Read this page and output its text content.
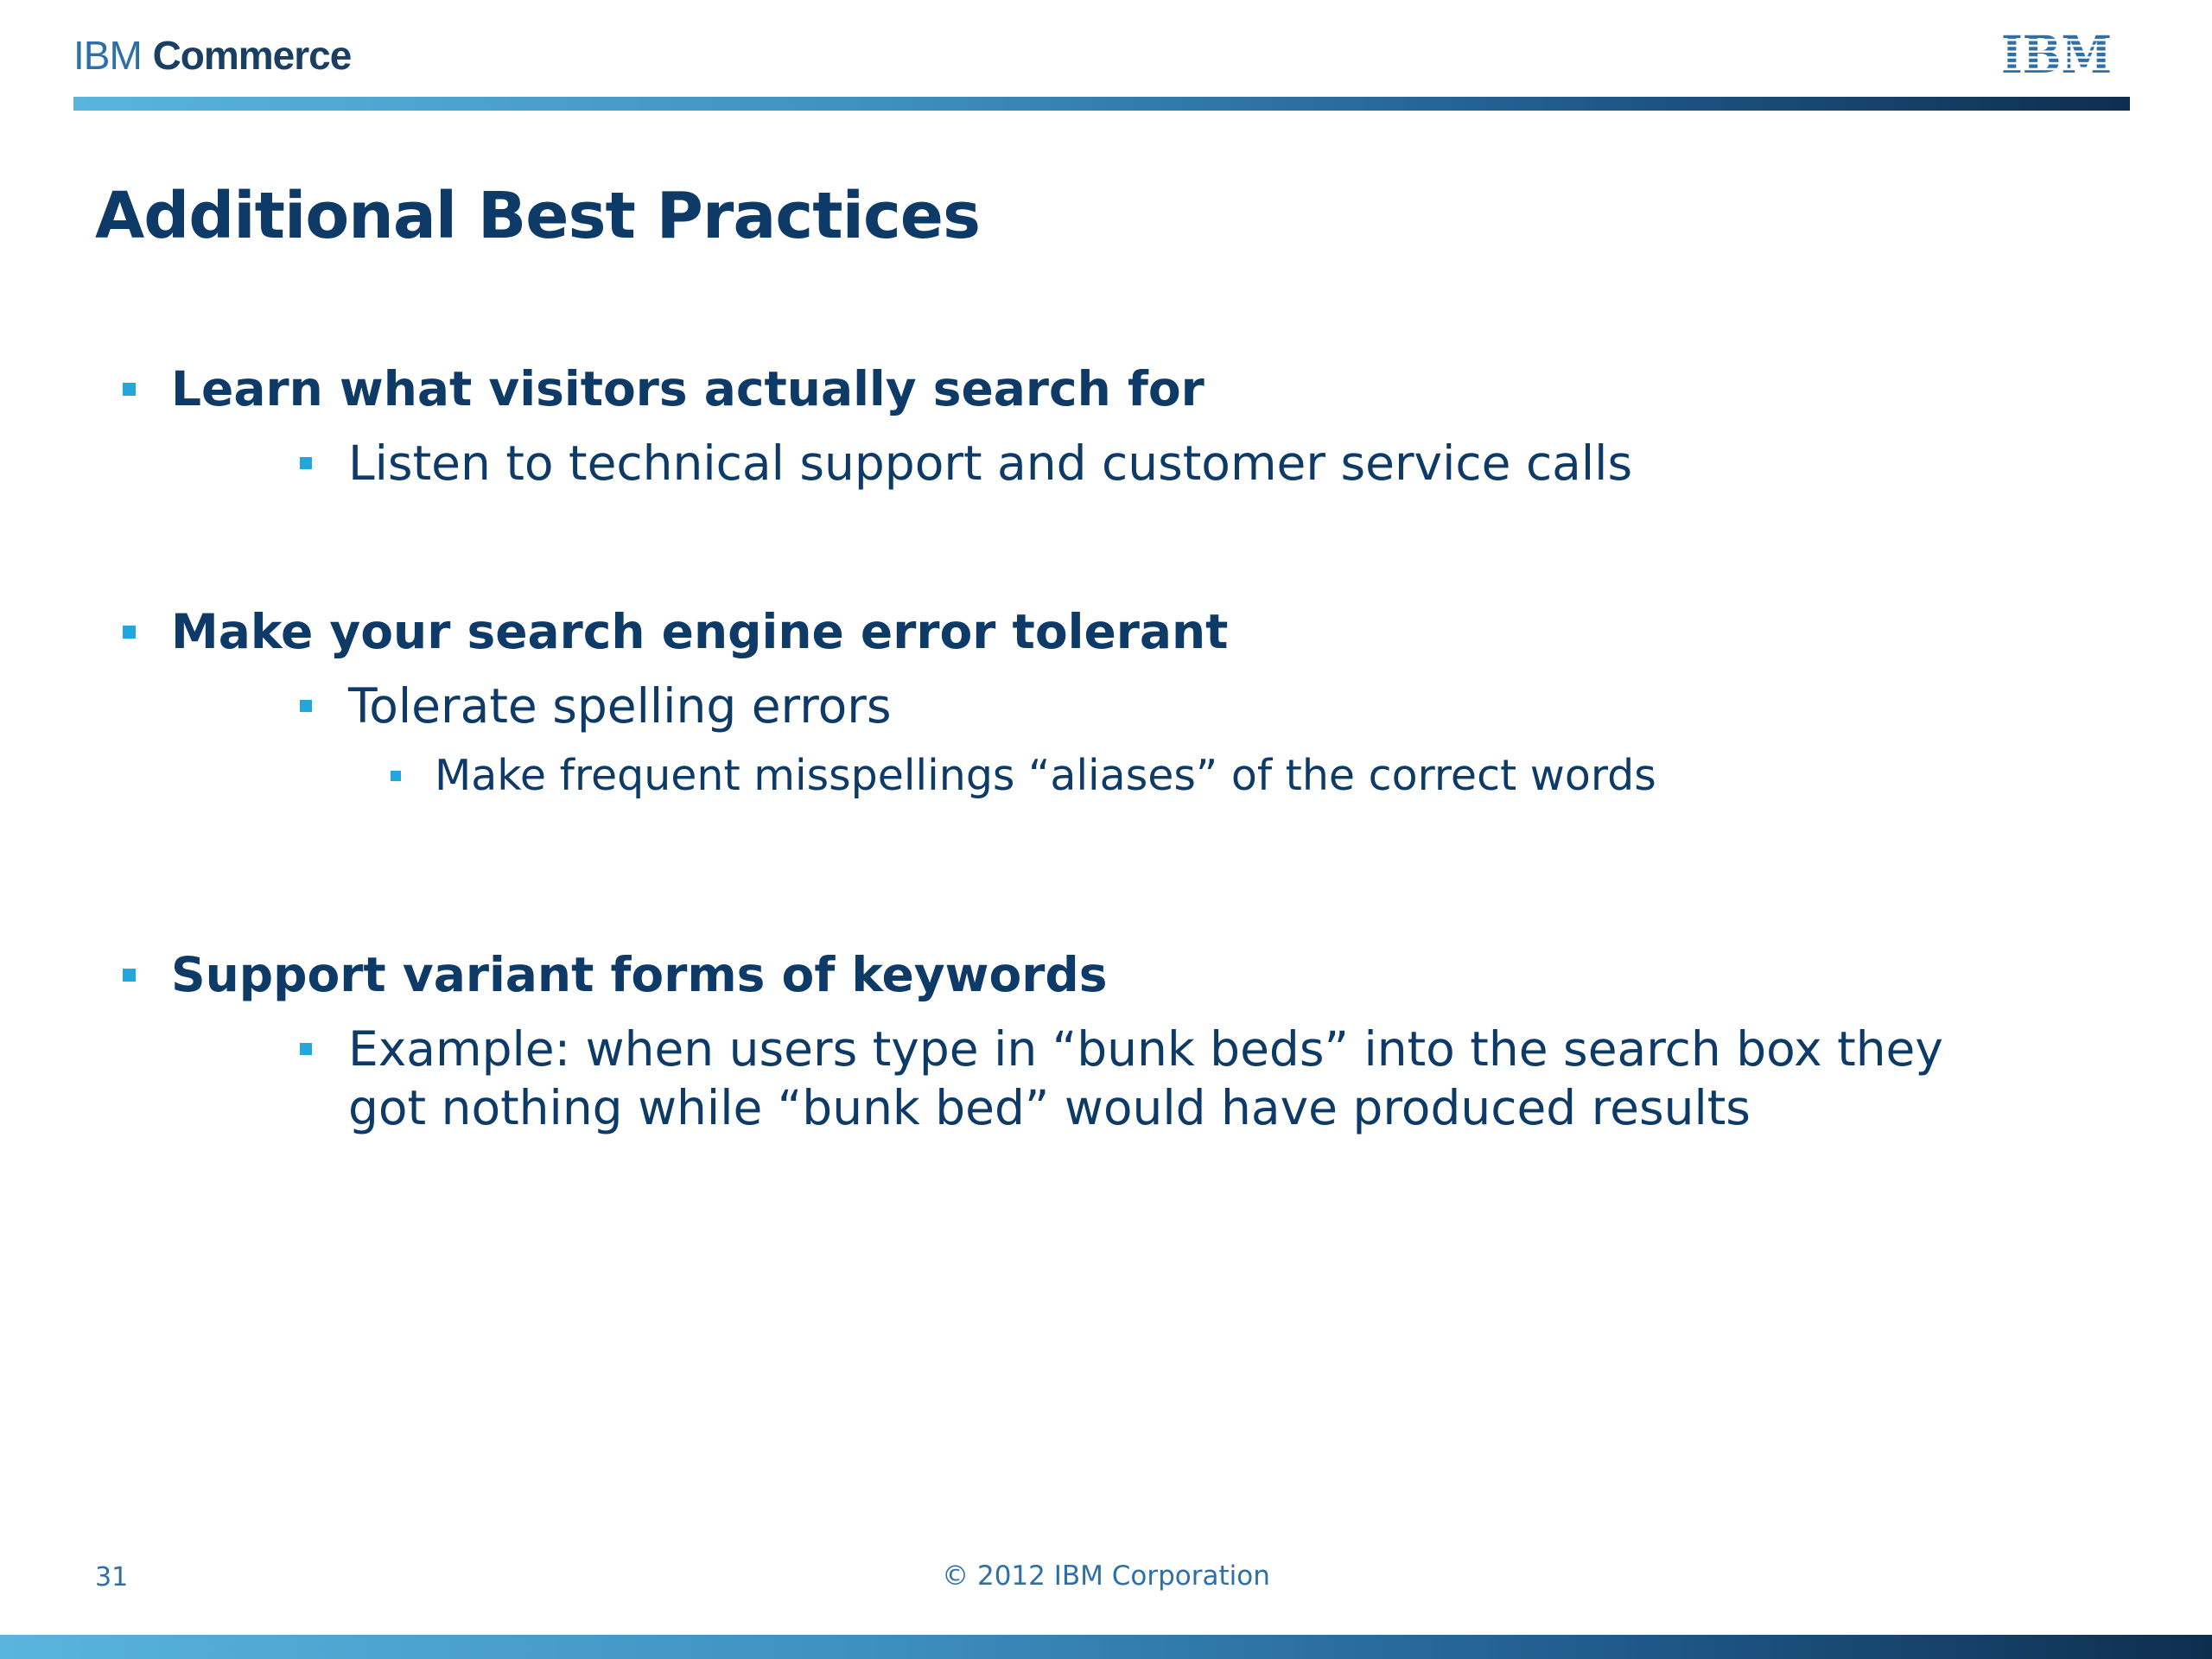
IBM Commerce	IBM
Additional Best Practices
Learn what visitors actually search for
Listen to technical support and customer service calls
Make your search engine error tolerant
Tolerate spelling errors
Make frequent misspellings “aliases” of the correct words
Support variant forms of keywords
Example: when users type in “bunk beds” into the search box they got nothing while “bunk bed” would have produced results
31	© 2012 IBM Corporation
